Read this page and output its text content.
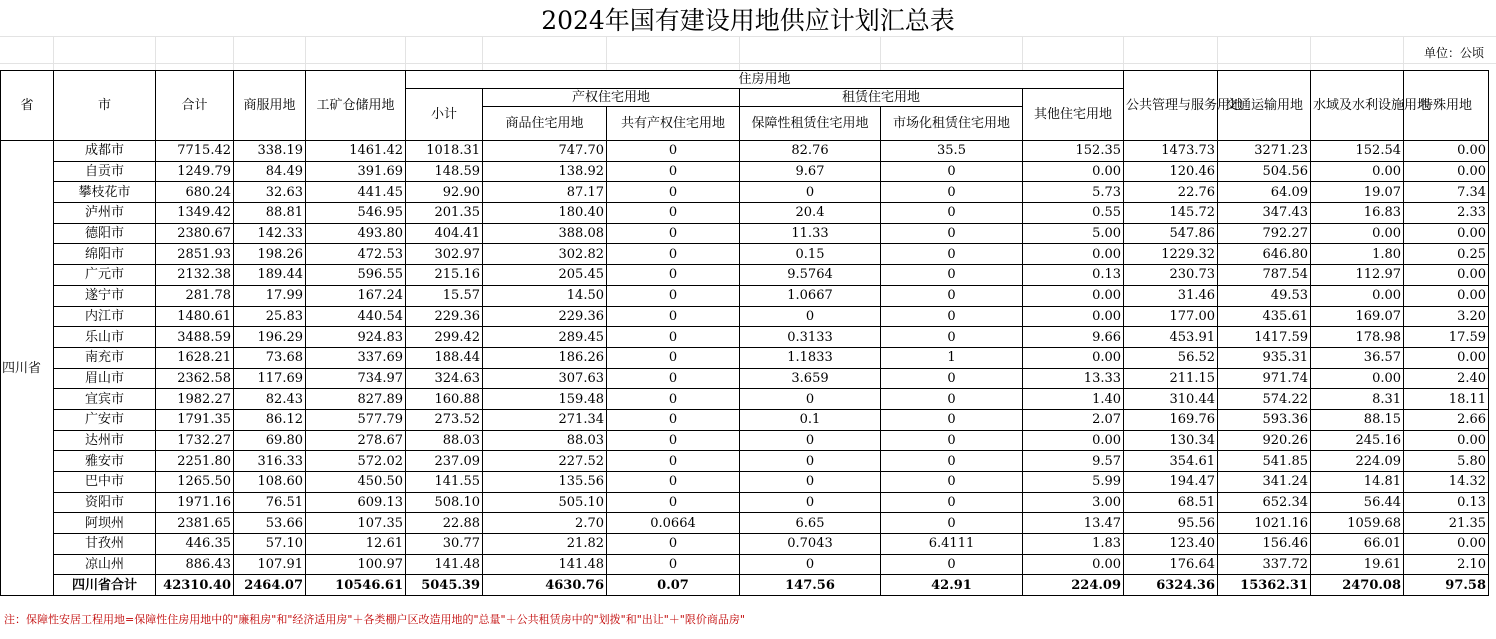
2024年国有建设用地供应计划汇总表
单位：公顷
省	市	合计	商服用地	工矿仓储用地	住房用地						公共管理与服务用地	交通运输用地	水域及水利设施用地	特殊用地
					小计	产权住宅用地		租赁住宅用地		其他住宅用地				
						商品住宅用地	共有产权住宅用地	保障性租赁住宅用地	市场化租赁住宅用地					
四川省	成都市	7715.42	338.19	1461.42	1018.31	747.70	0	82.76	35.5	152.35	1473.73	3271.23	152.54	0.00
	自贡市	1249.79	84.49	391.69	148.59	138.92	0	9.67	0	0.00	120.46	504.56	0.00	0.00
	攀枝花市	680.24	32.63	441.45	92.90	87.17	0	0	0	5.73	22.76	64.09	19.07	7.34
	泸州市	1349.42	88.81	546.95	201.35	180.40	0	20.4	0	0.55	145.72	347.43	16.83	2.33
	德阳市	2380.67	142.33	493.80	404.41	388.08	0	11.33	0	5.00	547.86	792.27	0.00	0.00
	绵阳市	2851.93	198.26	472.53	302.97	302.82	0	0.15	0	0.00	1229.32	646.80	1.80	0.25
	广元市	2132.38	189.44	596.55	215.16	205.45	0	9.5764	0	0.13	230.73	787.54	112.97	0.00
	遂宁市	281.78	17.99	167.24	15.57	14.50	0	1.0667	0	0.00	31.46	49.53	0.00	0.00
	内江市	1480.61	25.83	440.54	229.36	229.36	0	0	0	0.00	177.00	435.61	169.07	3.20
	乐山市	3488.59	196.29	924.83	299.42	289.45	0	0.3133	0	9.66	453.91	1417.59	178.98	17.59
	南充市	1628.21	73.68	337.69	188.44	186.26	0	1.1833	1	0.00	56.52	935.31	36.57	0.00
	眉山市	2362.58	117.69	734.97	324.63	307.63	0	3.659	0	13.33	211.15	971.74	0.00	2.40
	宜宾市	1982.27	82.43	827.89	160.88	159.48	0	0	0	1.40	310.44	574.22	8.31	18.11
	广安市	1791.35	86.12	577.79	273.52	271.34	0	0.1	0	2.07	169.76	593.36	88.15	2.66
	达州市	1732.27	69.80	278.67	88.03	88.03	0	0	0	0.00	130.34	920.26	245.16	0.00
	雅安市	2251.80	316.33	572.02	237.09	227.52	0	0	0	9.57	354.61	541.85	224.09	5.80
	巴中市	1265.50	108.60	450.50	141.55	135.56	0	0	0	5.99	194.47	341.24	14.81	14.32
	资阳市	1971.16	76.51	609.13	508.10	505.10	0	0	0	3.00	68.51	652.34	56.44	0.13
	阿坝州	2381.65	53.66	107.35	22.88	2.70	0.0664	6.65	0	13.47	95.56	1021.16	1059.68	21.35
	甘孜州	446.35	57.10	12.61	30.77	21.82	0	0.7043	6.4111	1.83	123.40	156.46	66.01	0.00
	凉山州	886.43	107.91	100.97	141.48	141.48	0	0	0	0.00	176.64	337.72	19.61	2.10
	四川省合计	42310.40	2464.07	10546.61	5045.39	4630.76	0.07	147.56	42.91	224.09	6324.36	15362.31	2470.08	97.58
注：保障性安居工程用地=保障性住房用地中的"廉租房"和"经济适用房"＋各类棚户区改造用地的"总量"＋公共租赁房中的"划拨"和"出让"＋"限价商品房"
